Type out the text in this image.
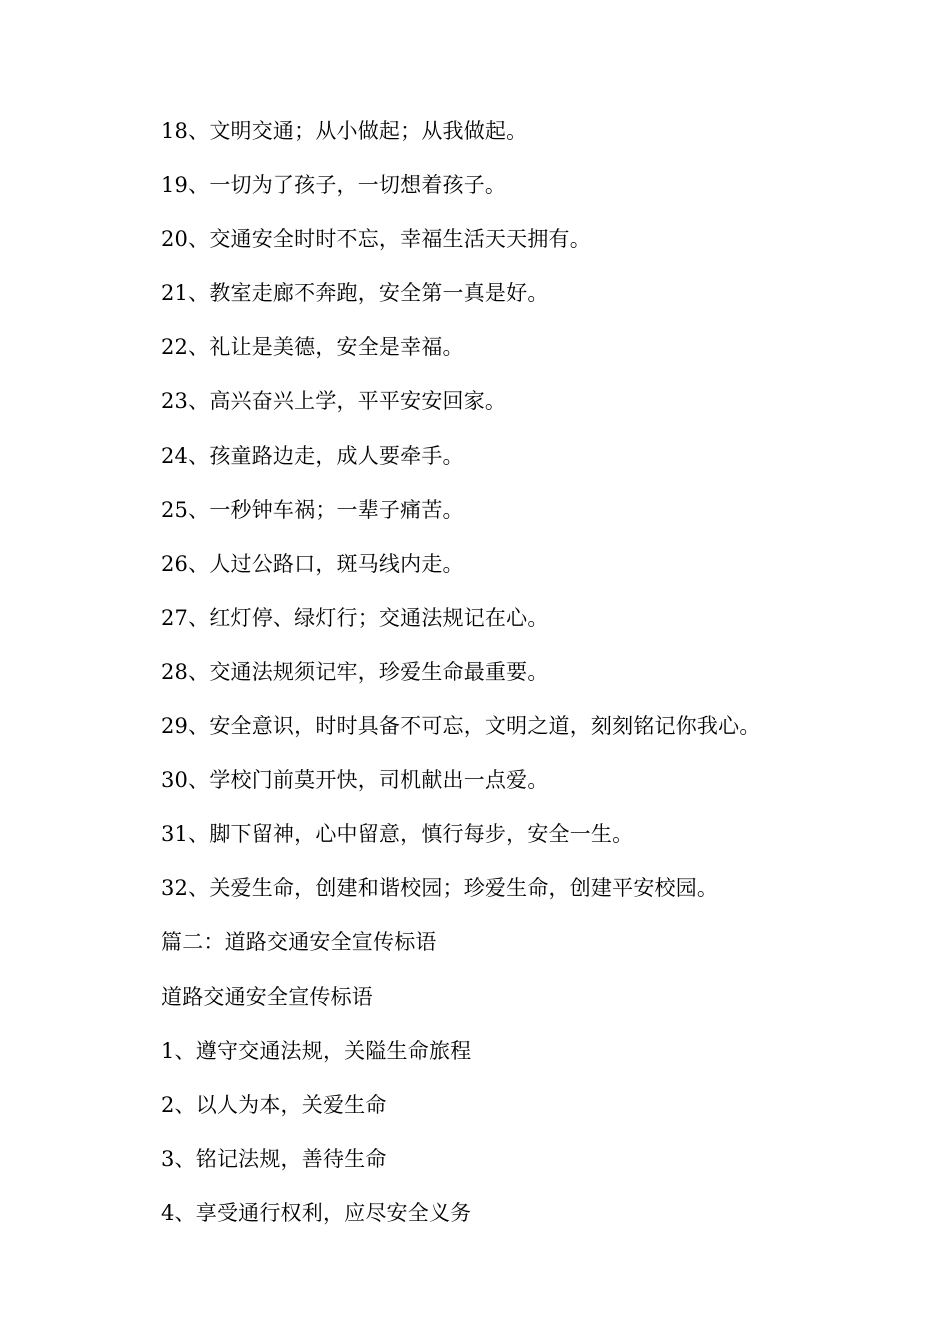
18、文明交通；从小做起；从我做起。
19、一切为了孩子，一切想着孩子。
20、交通安全时时不忘，幸福生活天天拥有。
21、教室走廊不奔跑，安全第一真是好。
22、礼让是美德，安全是幸福。
23、高兴奋兴上学，平平安安回家。
24、孩童路边走，成人要牵手。
25、一秒钟车祸；一辈子痛苦。
26、人过公路口，斑马线内走。
27、红灯停、绿灯行；交通法规记在心。
28、交通法规须记牢，珍爱生命最重要。
29、安全意识，时时具备不可忘，文明之道，刻刻铭记你我心。
30、学校门前莫开快，司机献出一点爱。
31、脚下留神，心中留意，慎行每步，安全一生。
32、关爱生命，创建和谐校园；珍爱生命，创建平安校园。
篇二：道路交通安全宣传标语
道路交通安全宣传标语
1、遵守交通法规，关隘生命旅程
2、以人为本，关爱生命
3、铭记法规，善待生命
4、享受通行权利，应尽安全义务
